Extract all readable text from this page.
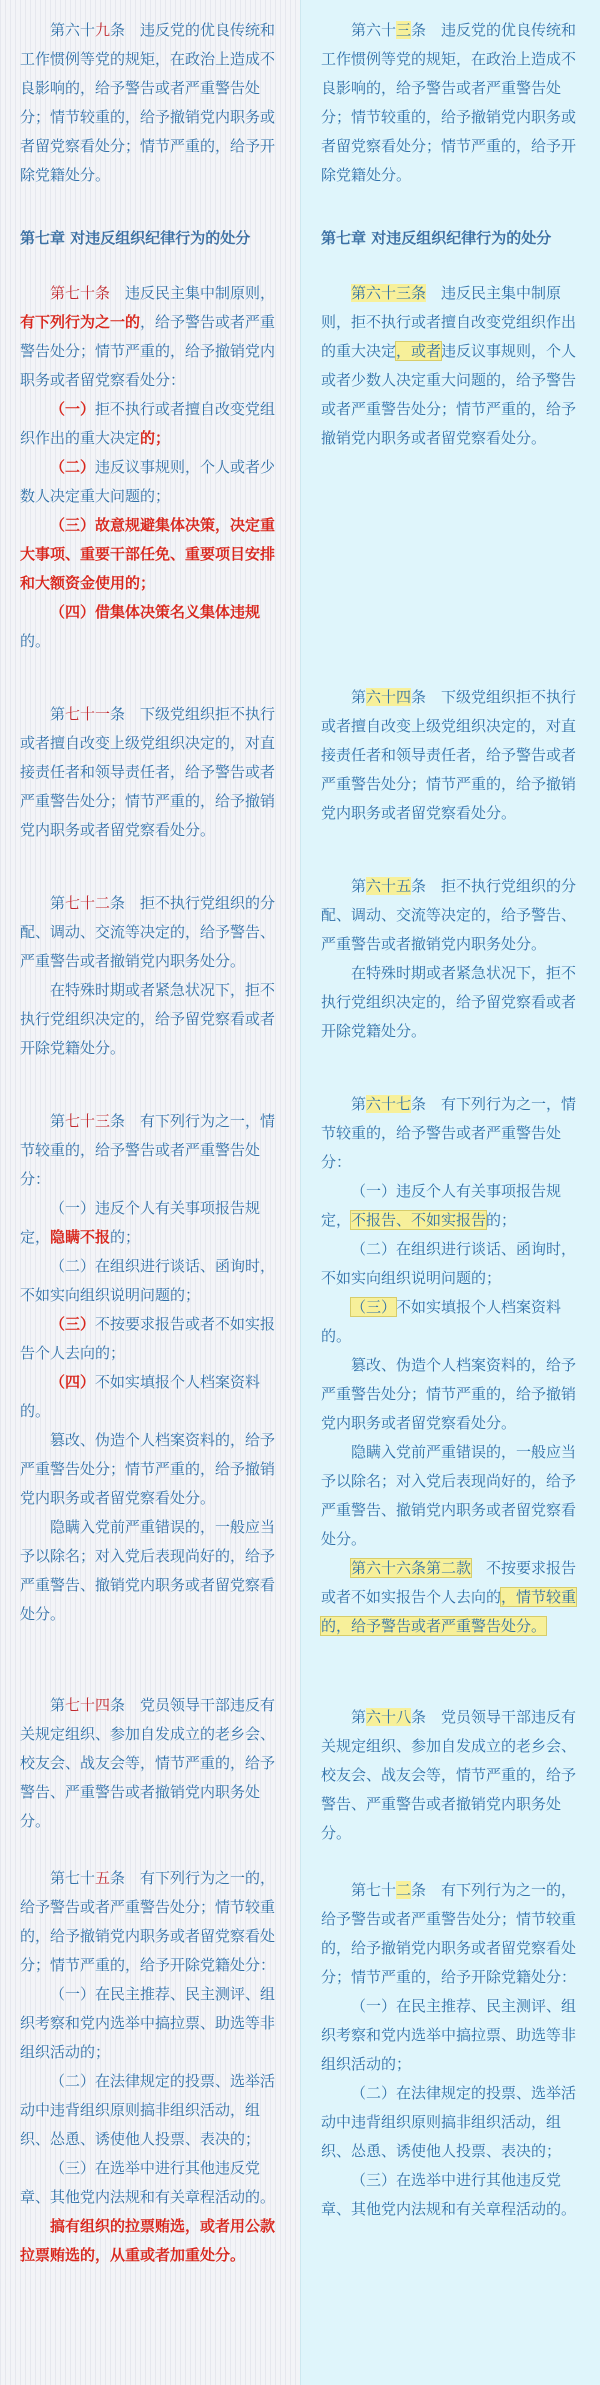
第六十九条　违反党的优良传统和工作惯例等党的规矩，在政治上造成不良影响的，给予警告或者严重警告处分；情节较重的，给予撤销党内职务或者留党察看处分；情节严重的，给予开除党籍处分。

第七章 对违反组织纪律行为的处分

第七十条　违反民主集中制原则，有下列行为之一的，给予警告或者严重警告处分；情节严重的，给予撤销党内职务或者留党察看处分：

（一）拒不执行或者擅自改变党组织作出的重大决定的；

（二）违反议事规则，个人或者少数人决定重大问题的；

（三）故意规避集体决策，决定重大事项、重要干部任免、重要项目安排和大额资金使用的；

（四）借集体决策名义集体违规的。

第七十一条　下级党组织拒不执行或者擅自改变上级党组织决定的，对直接责任者和领导责任者，给予警告或者严重警告处分；情节严重的，给予撤销党内职务或者留党察看处分。

第七十二条　拒不执行党组织的分配、调动、交流等决定的，给予警告、严重警告或者撤销党内职务处分。

在特殊时期或者紧急状况下，拒不执行党组织决定的，给予留党察看或者开除党籍处分。

第七十三条　有下列行为之一，情节较重的，给予警告或者严重警告处分：

（一）违反个人有关事项报告规定，隐瞒不报的；

（二）在组织进行谈话、函询时，不如实向组织说明问题的；

（三）不按要求报告或者不如实报告个人去向的；

（四）不如实填报个人档案资料的。

篡改、伪造个人档案资料的，给予严重警告处分；情节严重的，给予撤销党内职务或者留党察看处分。

隐瞒入党前严重错误的，一般应当予以除名；对入党后表现尚好的，给予严重警告、撤销党内职务或者留党察看处分。

第七十四条　党员领导干部违反有关规定组织、参加自发成立的老乡会、校友会、战友会等，情节严重的，给予警告、严重警告或者撤销党内职务处分。

第七十五条　有下列行为之一的，给予警告或者严重警告处分；情节较重的，给予撤销党内职务或者留党察看处分；情节严重的，给予开除党籍处分：

（一）在民主推荐、民主测评、组织考察和党内选举中搞拉票、助选等非组织活动的；

（二）在法律规定的投票、选举活动中违背组织原则搞非组织活动，组织、怂恿、诱使他人投票、表决的；

（三）在选举中进行其他违反党章、其他党内法规和有关章程活动的。

搞有组织的拉票贿选，或者用公款拉票贿选的，从重或者加重处分。

第六十三条　违反党的优良传统和工作惯例等党的规矩，在政治上造成不良影响的，给予警告或者严重警告处分；情节较重的，给予撤销党内职务或者留党察看处分；情节严重的，给予开除党籍处分。

第七章 对违反组织纪律行为的处分

第六十三条　违反民主集中制原则，拒不执行或者擅自改变党组织作出的重大决定，或者违反议事规则，个人或者少数人决定重大问题的，给予警告或者严重警告处分；情节严重的，给予撤销党内职务或者留党察看处分。

第六十四条　下级党组织拒不执行或者擅自改变上级党组织决定的，对直接责任者和领导责任者，给予警告或者严重警告处分；情节严重的，给予撤销党内职务或者留党察看处分。

第六十五条　拒不执行党组织的分配、调动、交流等决定的，给予警告、严重警告或者撤销党内职务处分。

在特殊时期或者紧急状况下，拒不执行党组织决定的，给予留党察看或者开除党籍处分。

第六十七条　有下列行为之一，情节较重的，给予警告或者严重警告处分：

（一）违反个人有关事项报告规定，不报告、不如实报告的；

（二）在组织进行谈话、函询时，不如实向组织说明问题的；

（三）不如实填报个人档案资料的。

篡改、伪造个人档案资料的，给予严重警告处分；情节严重的，给予撤销党内职务或者留党察看处分。

隐瞒入党前严重错误的，一般应当予以除名；对入党后表现尚好的，给予严重警告、撤销党内职务或者留党察看处分。

第六十六条第二款　不按要求报告或者不如实报告个人去向的，情节较重的，给予警告或者严重警告处分。

第六十八条　党员领导干部违反有关规定组织、参加自发成立的老乡会、校友会、战友会等，情节严重的，给予警告、严重警告或者撤销党内职务处分。

第七十二条　有下列行为之一的，给予警告或者严重警告处分；情节较重的，给予撤销党内职务或者留党察看处分；情节严重的，给予开除党籍处分：

（一）在民主推荐、民主测评、组织考察和党内选举中搞拉票、助选等非组织活动的；

（二）在法律规定的投票、选举活动中违背组织原则搞非组织活动，组织、怂恿、诱使他人投票、表决的；

（三）在选举中进行其他违反党章、其他党内法规和有关章程活动的。
